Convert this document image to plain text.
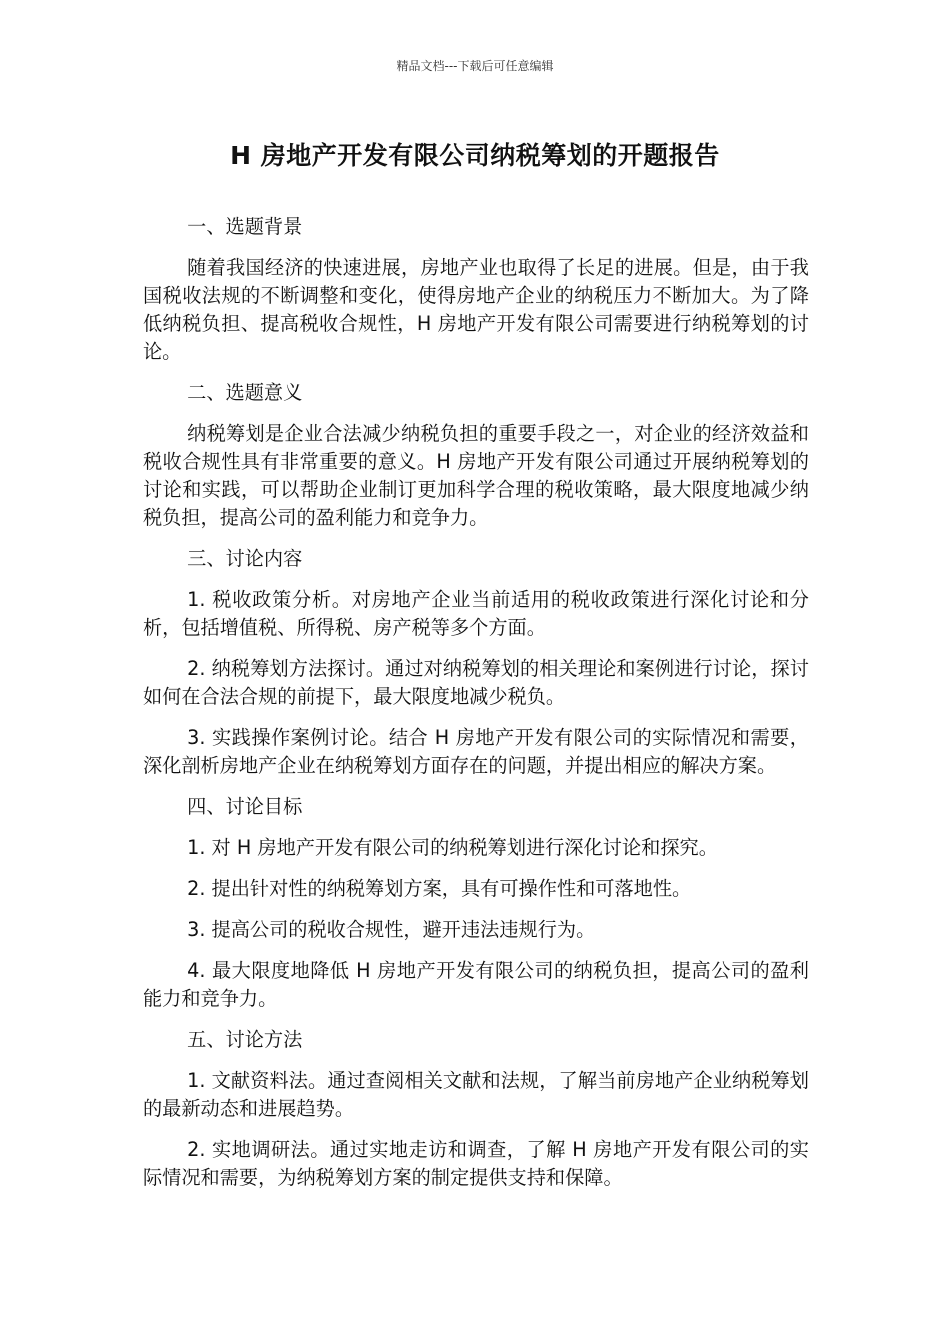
精品文档---下载后可任意编辑
H 房地产开发有限公司纳税筹划的开题报告

一、选题背景

随着我国经济的快速进展，房地产业也取得了长足的进展。但是，由于我国税收法规的不断调整和变化，使得房地产企业的纳税压力不断加大。为了降低纳税负担、提高税收合规性，H 房地产开发有限公司需要进行纳税筹划的讨论。

二、选题意义

纳税筹划是企业合法减少纳税负担的重要手段之一，对企业的经济效益和税收合规性具有非常重要的意义。H 房地产开发有限公司通过开展纳税筹划的讨论和实践，可以帮助企业制订更加科学合理的税收策略，最大限度地减少纳税负担，提高公司的盈利能力和竞争力。

三、讨论内容

1. 税收政策分析。对房地产企业当前适用的税收政策进行深化讨论和分析，包括增值税、所得税、房产税等多个方面。

2. 纳税筹划方法探讨。通过对纳税筹划的相关理论和案例进行讨论，探讨如何在合法合规的前提下，最大限度地减少税负。

3. 实践操作案例讨论。结合 H 房地产开发有限公司的实际情况和需要，深化剖析房地产企业在纳税筹划方面存在的问题，并提出相应的解决方案。

四、讨论目标

1. 对 H 房地产开发有限公司的纳税筹划进行深化讨论和探究。

2. 提出针对性的纳税筹划方案，具有可操作性和可落地性。

3. 提高公司的税收合规性，避开违法违规行为。

4. 最大限度地降低 H 房地产开发有限公司的纳税负担，提高公司的盈利能力和竞争力。

五、讨论方法

1. 文献资料法。通过查阅相关文献和法规，了解当前房地产企业纳税筹划的最新动态和进展趋势。

2. 实地调研法。通过实地走访和调查，了解 H 房地产开发有限公司的实际情况和需要，为纳税筹划方案的制定提供支持和保障。
